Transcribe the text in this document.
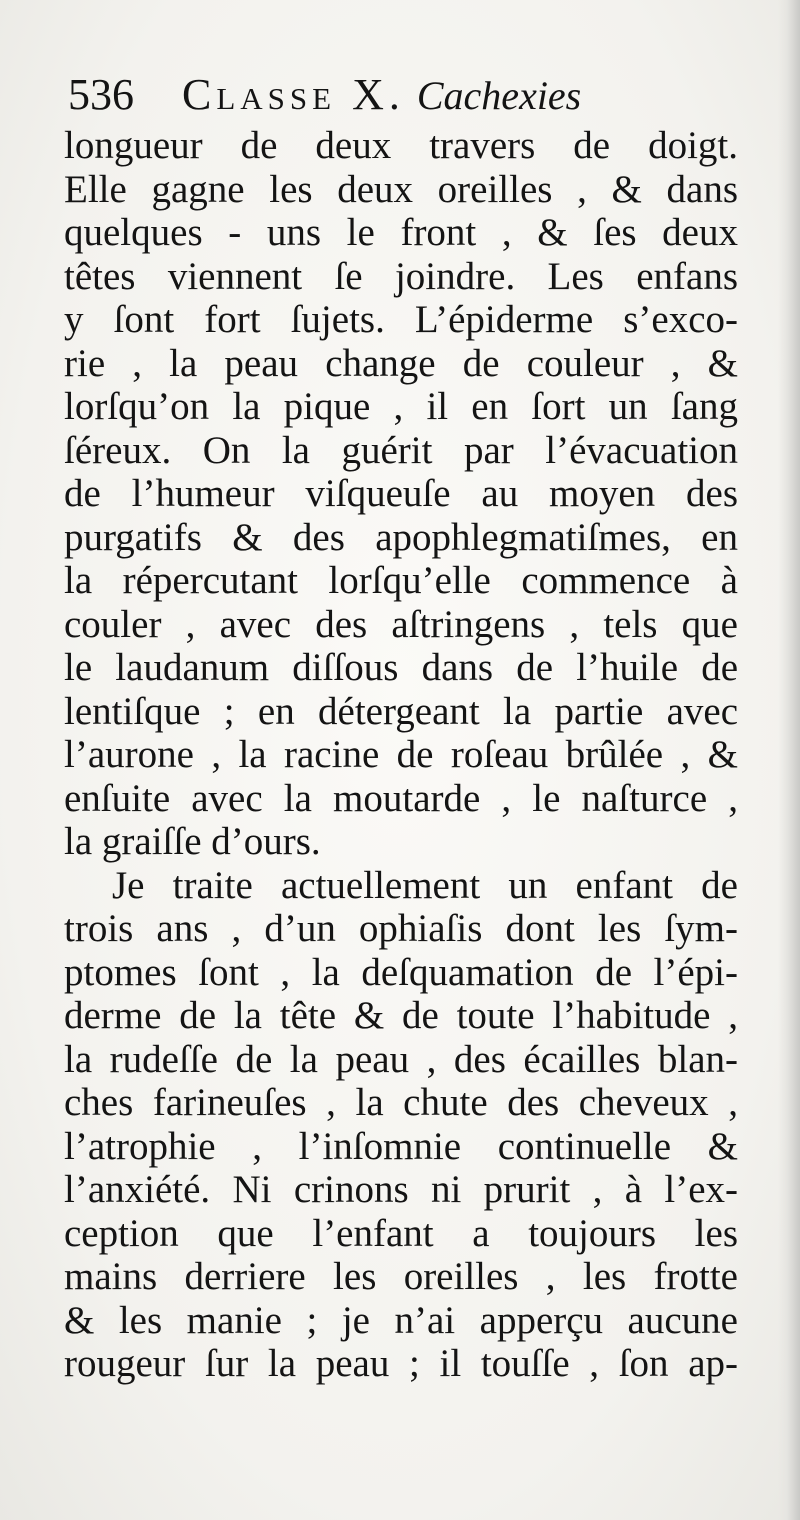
536 Classe X. Cachexies
longueur de deux travers de doigt.
Elle gagne les deux oreilles , & dans
quelques - uns le front , & ſes deux
têtes viennent ſe joindre. Les enfans
y ſont fort ſujets. L’épiderme s’exco-
rie , la peau change de couleur , &
lorſqu’on la pique , il en ſort un ſang
ſéreux. On la guérit par l’évacuation
de l’humeur viſqueuſe au moyen des
purgatifs & des apophlegmatiſmes, en
la répercutant lorſqu’elle commence à
couler , avec des aſtringens , tels que
le laudanum diſſous dans de l’huile de
lentiſque ; en détergeant la partie avec
l’aurone , la racine de roſeau brûlée , &
enſuite avec la moutarde , le naſturce ,
la graiſſe d’ours.
Je traite actuellement un enfant de
trois ans , d’un ophiaſis dont les ſym-
ptomes ſont , la deſquamation de l’épi-
derme de la tête & de toute l’habitude ,
la rudeſſe de la peau , des écailles blan-
ches farineuſes , la chute des cheveux ,
l’atrophie , l’inſomnie continuelle &
l’anxiété. Ni crinons ni prurit , à l’ex-
ception que l’enfant a toujours les
mains derriere les oreilles , les frotte
& les manie ; je n’ai apperçu aucune
rougeur ſur la peau ; il touſſe , ſon ap-
